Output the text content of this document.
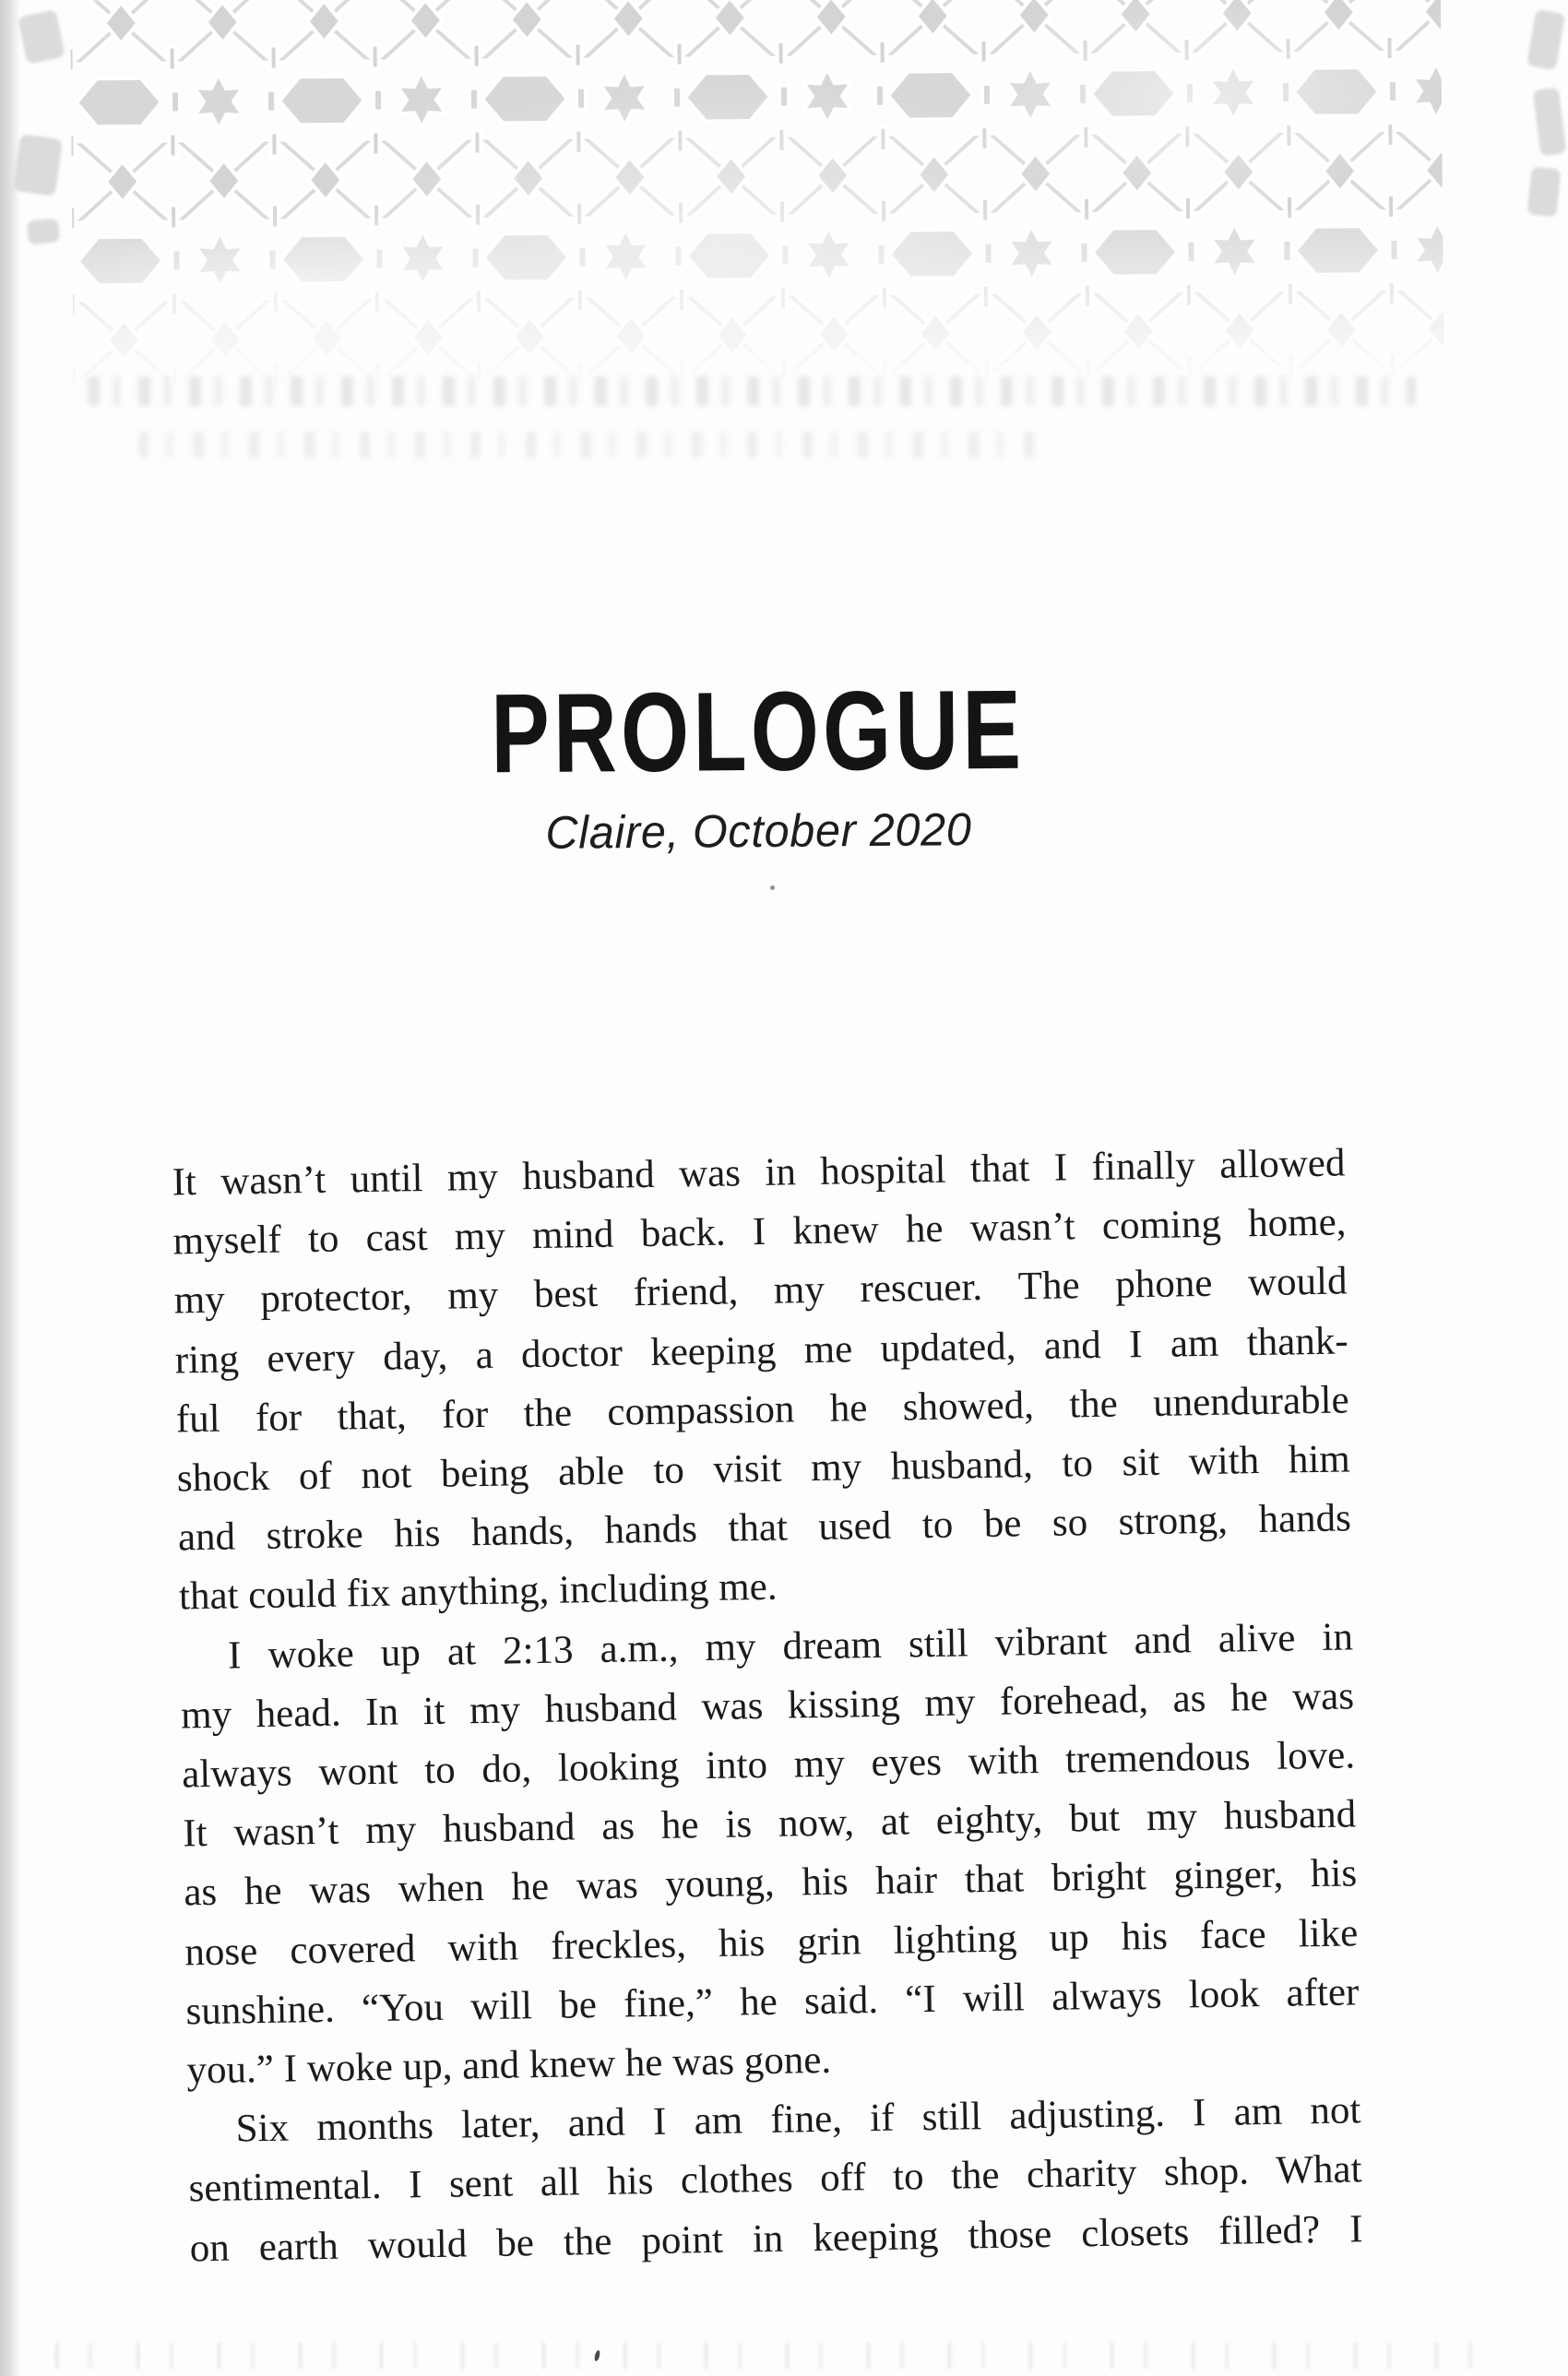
PROLOGUE
Claire, October 2020
It wasn’t until my husband was in hospital that I finally allowed
myself to cast my mind back. I knew he wasn’t coming home,
my protector, my best friend, my rescuer. The phone would
ring every day, a doctor keeping me updated, and I am thank-
ful for that, for the compassion he showed, the unendurable
shock of not being able to visit my husband, to sit with him
and stroke his hands, hands that used to be so strong, hands
that could fix anything, including me.
I woke up at 2:13 a.m., my dream still vibrant and alive in
my head. In it my husband was kissing my forehead, as he was
always wont to do, looking into my eyes with tremendous love.
It wasn’t my husband as he is now, at eighty, but my husband
as he was when he was young, his hair that bright ginger, his
nose covered with freckles, his grin lighting up his face like
sunshine. “You will be fine,” he said. “I will always look after
you.” I woke up, and knew he was gone.
Six months later, and I am fine, if still adjusting. I am not
sentimental. I sent all his clothes off to the charity shop. What
on earth would be the point in keeping those closets filled? I
